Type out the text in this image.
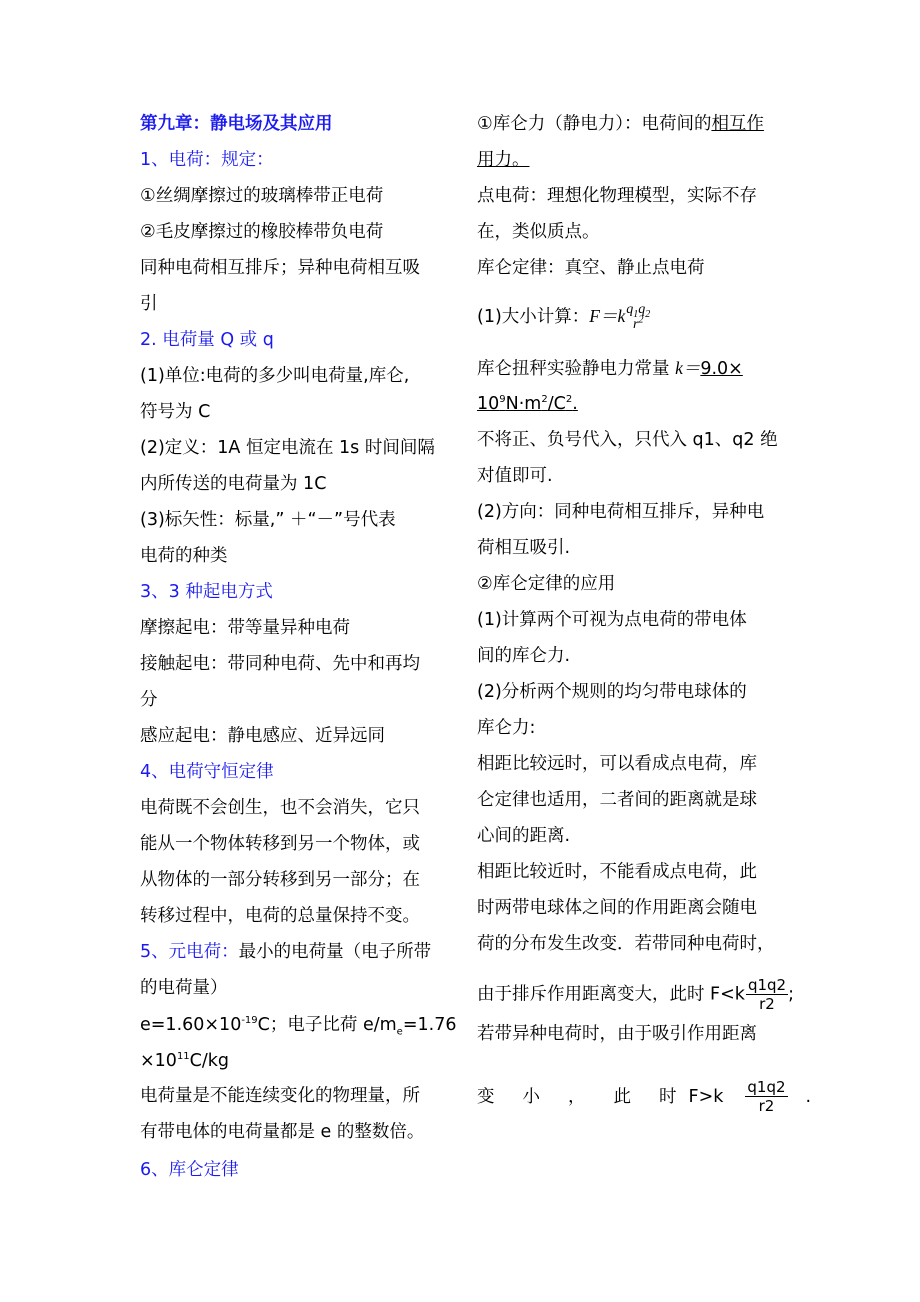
第九章：静电场及其应用
1、电荷：规定：
①丝绸摩擦过的玻璃棒带正电荷
②毛皮摩擦过的橡胶棒带负电荷
同种电荷相互排斥；异种电荷相互吸
引
2. 电荷量 Q 或 q
(1)单位:电荷的多少叫电荷量,库仑,
符号为 C
(2)定义：1A 恒定电流在 1s 时间间隔
内所传送的电荷量为 1C
(3)标矢性：标量,” ＋“－”号代表
电荷的种类
3、3 种起电方式
摩擦起电：带等量异种电荷
接触起电：带同种电荷、先中和再均
分
感应起电：静电感应、近异远同
4、电荷守恒定律
电荷既不会创生，也不会消失，它只
能从一个物体转移到另一个物体，或
从物体的一部分转移到另一部分；在
转移过程中，电荷的总量保持不变。
5、元电荷：最小的电荷量（电子所带
的电荷量）
$e=1.60\times 10^{-19}C$；电子比荷 $e/m_e=1.76$
$\times 10^{11}C/kg$
电荷量是不能连续变化的物理量，所
有带电体的电荷量都是 e 的整数倍。
6、库仑定律
①库仑力（静电力）：电荷间的相互作
用力。
点电荷：理想化物理模型，实际不存
在，类似质点。
库仑定律：真空、静止点电荷
(1)大小计算：F＝k $q_1q_2$
$r^2$
库仑扭秤实验静电力常量 k＝9.0×
$10^9N\cdot m^2/C^2$.
不将正、负号代入，只代入 q1、q2 绝
对值即可.
(2)方向：同种电荷相互排斥，异种电
荷相互吸引.
②库仑定律的应用
(1)计算两个可视为点电荷的带电体
间的库仑力.
(2)分析两个规则的均匀带电球体的
库仑力:
相距比较远时，可以看成点电荷，库
仑定律也适用，二者间的距离就是球
心间的距离.
相距比较近时，不能看成点电荷，此
时两带电球体之间的作用距离会随电
荷的分布发生改变．若带同种电荷时，
由于排斥作用距离变大，此时 $F<k \frac{q1q2}{r2}$ ;
若带异种电荷时，由于吸引作用距离
变 小 ， 此 时 $F>k \frac{q1q2}{r2}$ .
